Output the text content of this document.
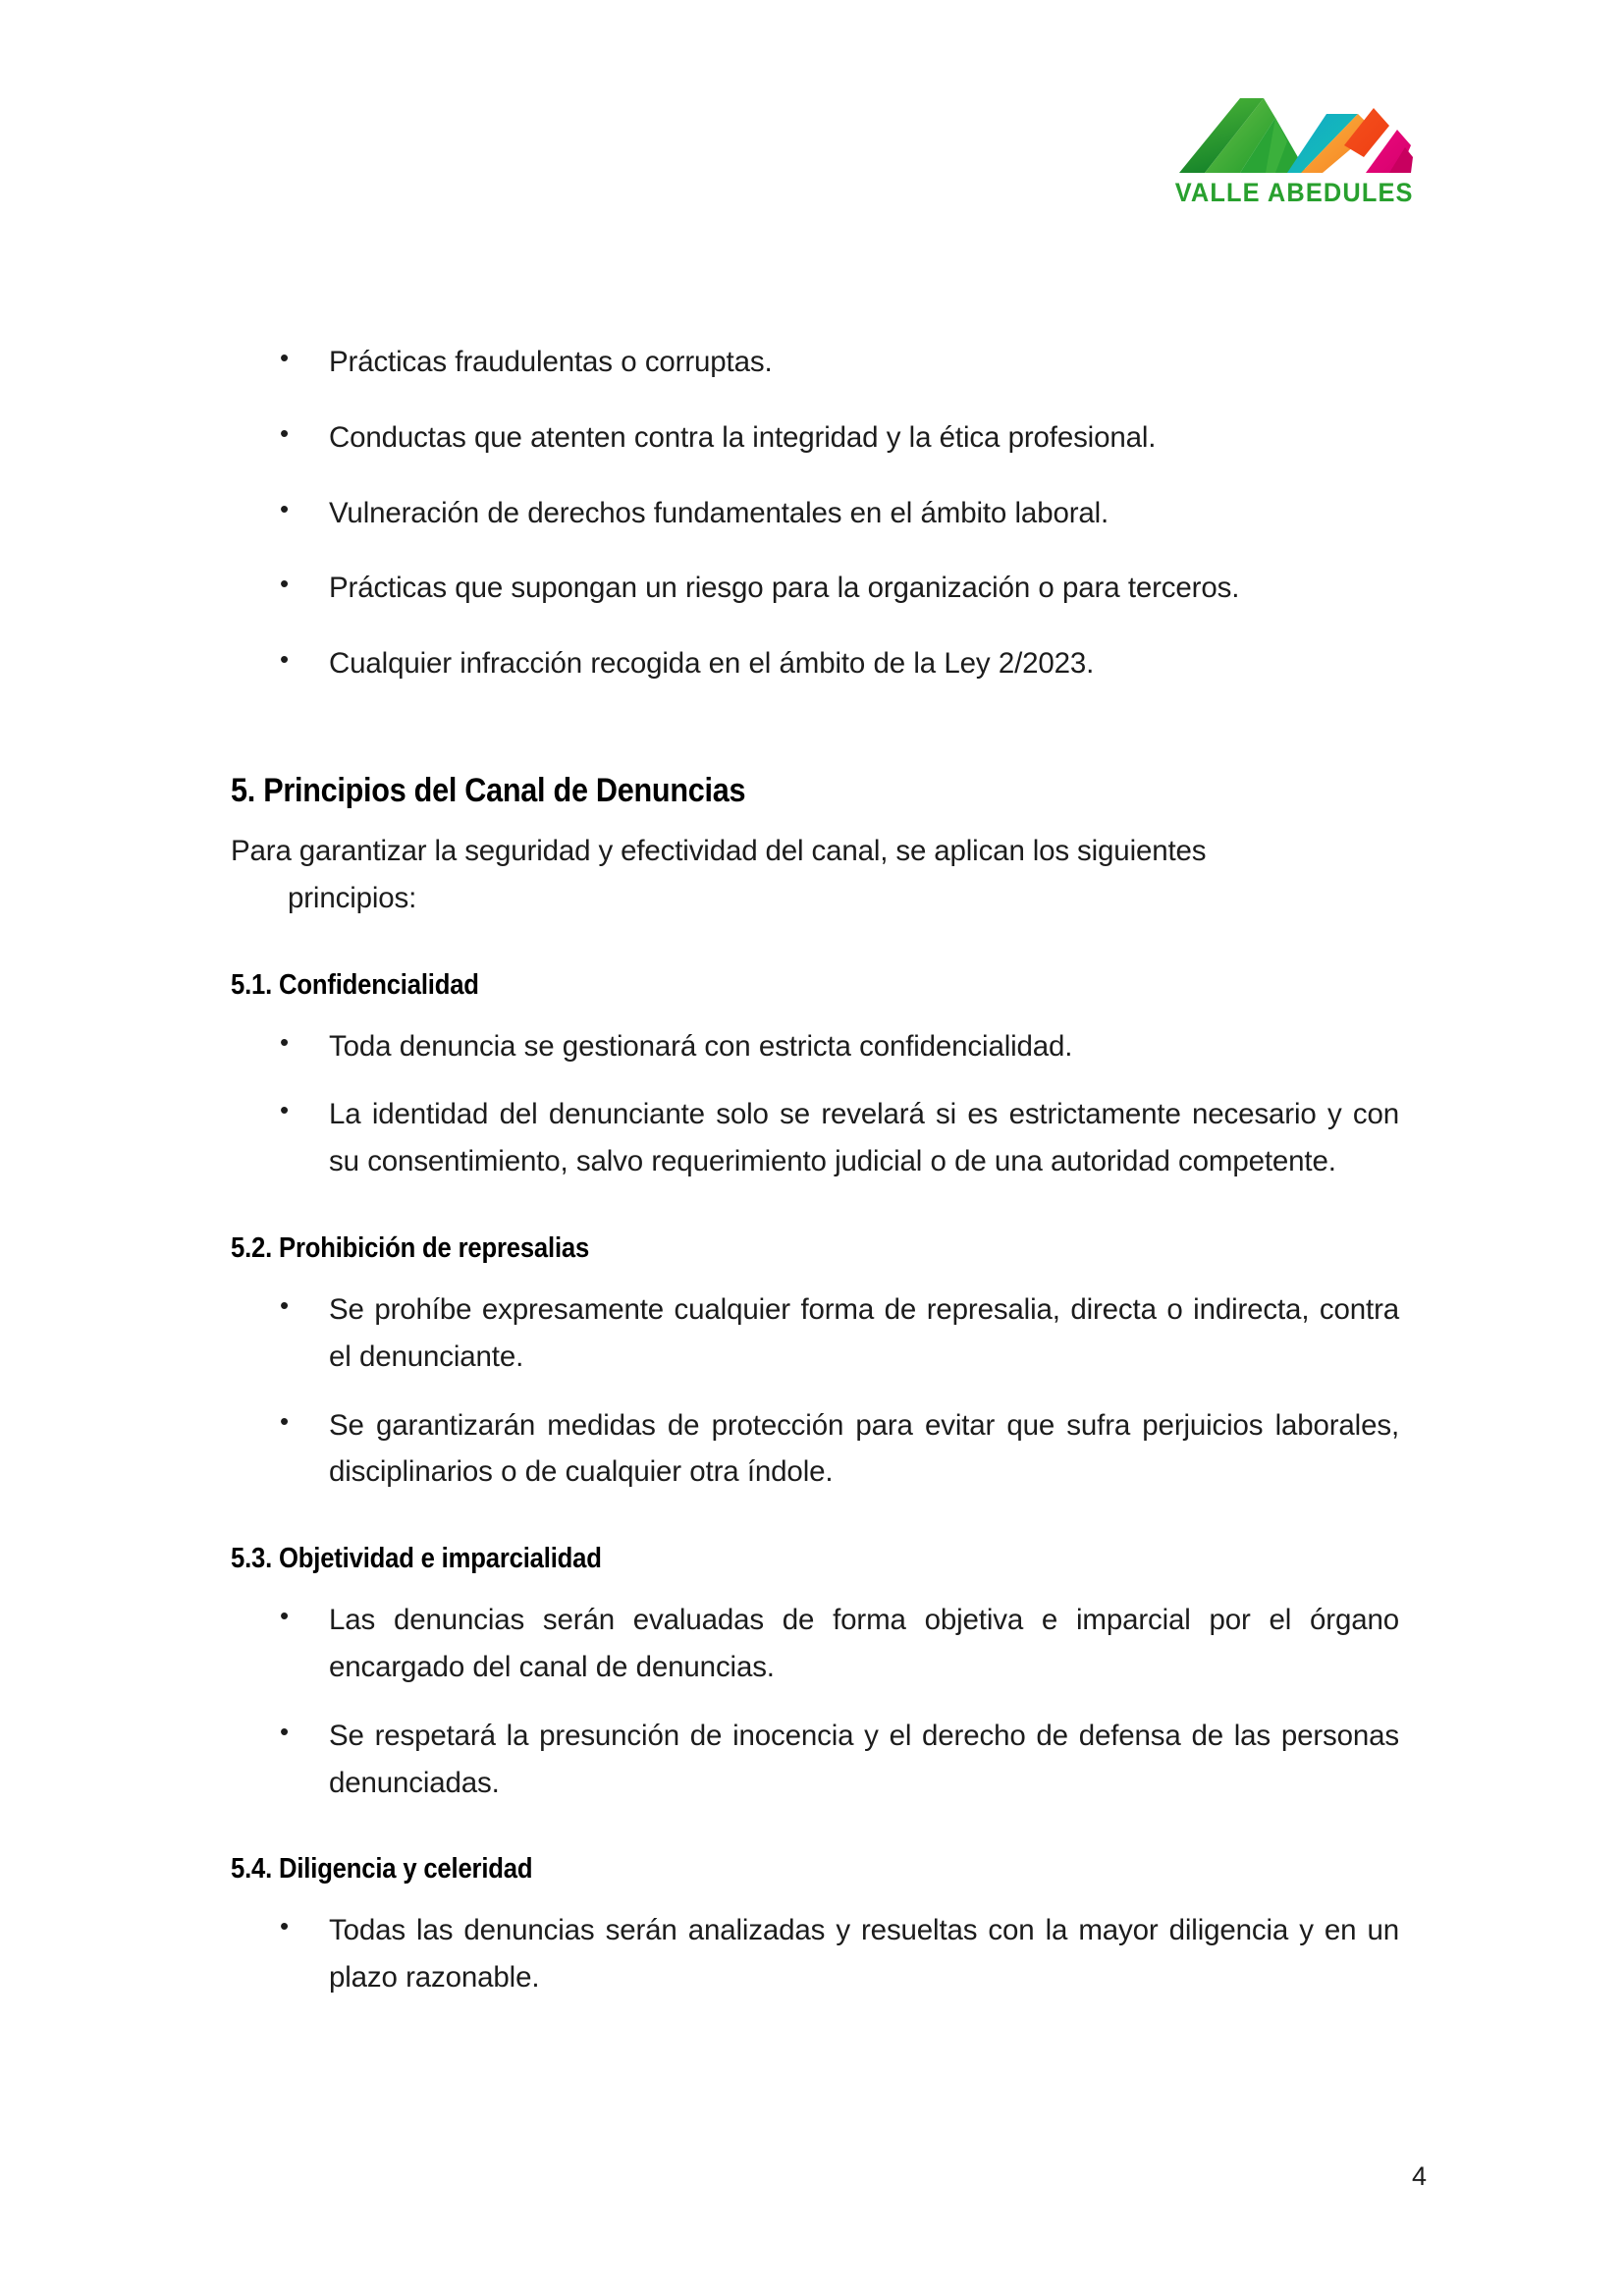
VALLE ABEDULES
• Prácticas fraudulentas o corruptas.
• Conductas que atenten contra la integridad y la ética profesional.
• Vulneración de derechos fundamentales en el ámbito laboral.
• Prácticas que supongan un riesgo para la organización o para terceros.
• Cualquier infracción recogida en el ámbito de la Ley 2/2023.
5. Principios del Canal de Denuncias

Para garantizar la seguridad y efectividad del canal, se aplican los siguientes
principios:

5.1. Confidencialidad
• Toda denuncia se gestionará con estricta confidencialidad.
• La identidad del denunciante solo se revelará si es estrictamente necesario y con su consentimiento, salvo requerimiento judicial o de una autoridad competente.
5.2. Prohibición de represalias
• Se prohíbe expresamente cualquier forma de represalia, directa o indirecta, contra el denunciante.
• Se garantizarán medidas de protección para evitar que sufra perjuicios laborales, disciplinarios o de cualquier otra índole.
5.3. Objetividad e imparcialidad
• Las denuncias serán evaluadas de forma objetiva e imparcial por el órgano encargado del canal de denuncias.
• Se respetará la presunción de inocencia y el derecho de defensa de las personas denunciadas.
5.4. Diligencia y celeridad
• Todas las denuncias serán analizadas y resueltas con la mayor diligencia y en un plazo razonable.
4
